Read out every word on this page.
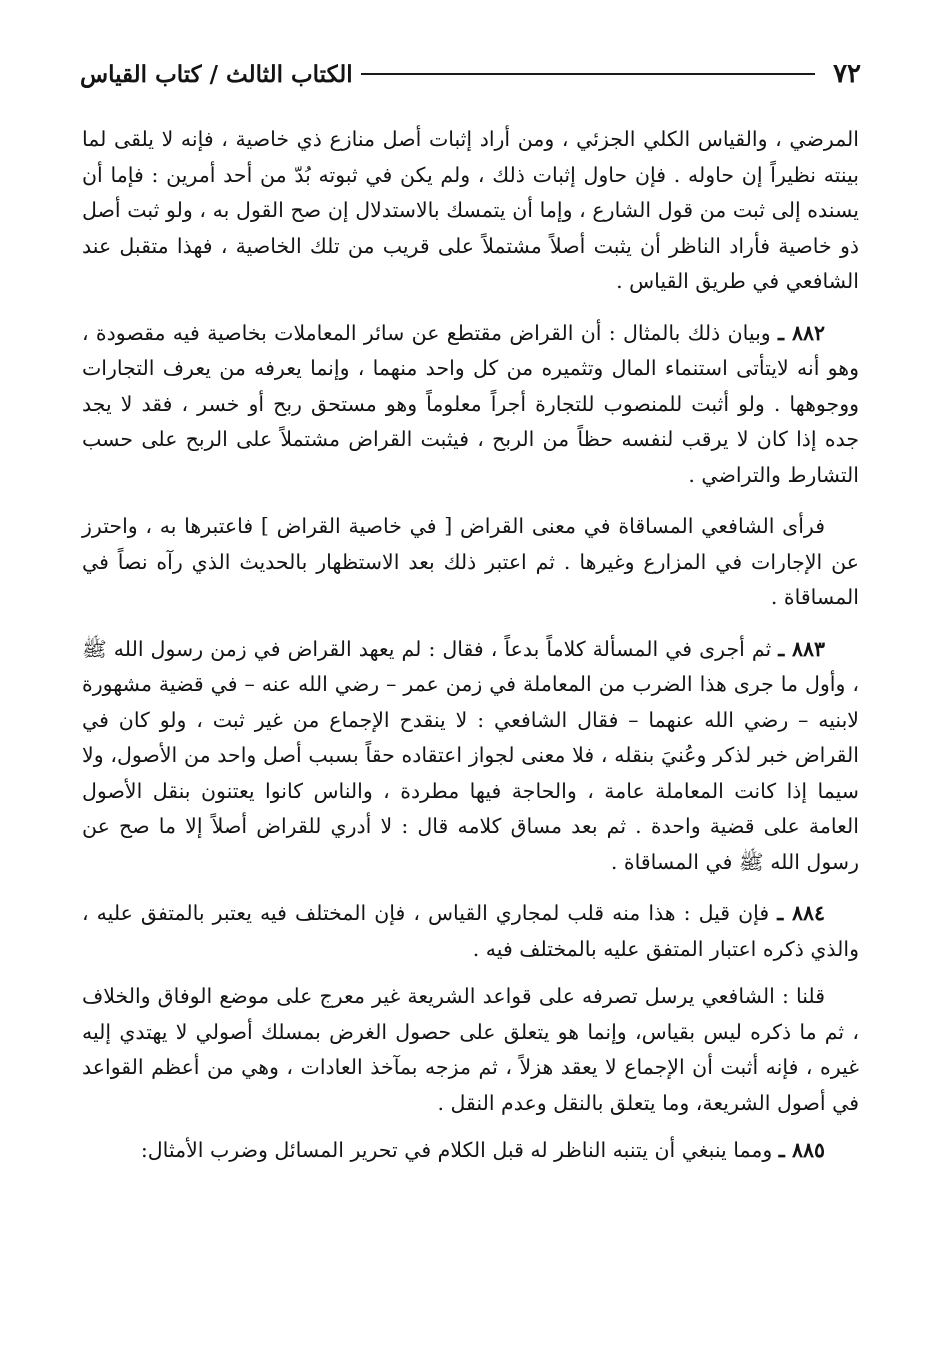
٧٢
الكتاب الثالث / كتاب القياس

المرضي ، والقياس الكلي الجزئي ، ومن أراد إثبات أصل منازع ذي خاصية ، فإنه لا يلقى لما بينته نظيراً إن حاوله . فإن حاول إثبات ذلك ، ولم يكن في ثبوته بُدّ من أحد أمرين : فإما أن يسنده إلى ثبت من قول الشارع ، وإما أن يتمسك بالاستدلال إن صح القول به ، ولو ثبت أصل ذو خاصية فأراد الناظر أن يثبت أصلاً مشتملاً على قريب من تلك الخاصية ، فهذا متقبل عند الشافعي في طريق القياس .

٨٨٢ ـ وبيان ذلك بالمثال : أن القراض مقتطع عن سائر المعاملات بخاصية فيه مقصودة ، وهو أنه لايتأتى استنماء المال وتثميره من كل واحد منهما ، وإنما يعرفه من يعرف التجارات ووجوهها . ولو أثبت للمنصوب للتجارة أجراً معلوماً وهو مستحق ربح أو خسر ، فقد لا يجد جده إذا كان لا يرقب لنفسه حظاً من الربح ، فيثبت القراض مشتملاً على الربح على حسب التشارط والتراضي .

فرأى الشافعي المساقاة في معنى القراض [ في خاصية القراض ] فاعتبرها به ، واحترز عن الإجارات في المزارع وغيرها . ثم اعتبر ذلك بعد الاستظهار بالحديث الذي رآه نصاً في المساقاة .

٨٨٣ ـ ثم أجرى في المسألة كلاماً بدعاً ، فقال : لم يعهد القراض في زمن رسول الله ﷺ ، وأول ما جرى هذا الضرب من المعاملة في زمن عمر – رضي الله عنه – في قضية مشهورة لابنيه – رضي الله عنهما – فقال الشافعي : لا ينقدح الإجماع من غير ثبت ، ولو كان في القراض خبر لذكر وعُنيَ بنقله ، فلا معنى لجواز اعتقاده حقاً بسبب أصل واحد من الأصول، ولا سيما إذا كانت المعاملة عامة ، والحاجة فيها مطردة ، والناس كانوا يعتنون بنقل الأصول العامة على قضية واحدة . ثم بعد مساق كلامه قال : لا أدري للقراض أصلاً إلا ما صح عن رسول الله ﷺ في المساقاة .

٨٨٤ ـ فإن قيل : هذا منه قلب لمجاري القياس ، فإن المختلف فيه يعتبر بالمتفق عليه ، والذي ذكره اعتبار المتفق عليه بالمختلف فيه .

قلنا : الشافعي يرسل تصرفه على قواعد الشريعة غير معرج على موضع الوفاق والخلاف ، ثم ما ذكره ليس بقياس، وإنما هو يتعلق على حصول الغرض بمسلك أصولي لا يهتدي إليه غيره ، فإنه أثبت أن الإجماع لا يعقد هزلاً ، ثم مزجه بمآخذ العادات ، وهي من أعظم القواعد في أصول الشريعة، وما يتعلق بالنقل وعدم النقل .

٨٨٥ ـ ومما ينبغي أن يتنبه الناظر له قبل الكلام في تحرير المسائل وضرب الأمثال:
